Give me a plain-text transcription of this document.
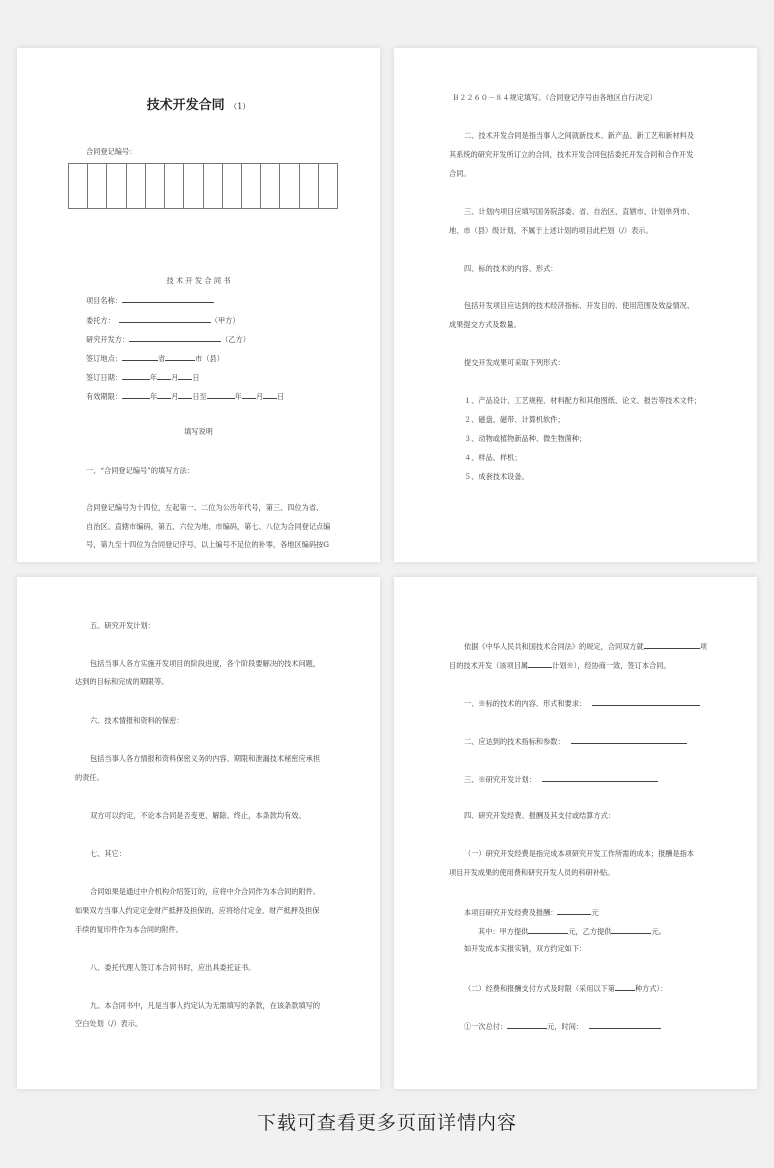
技术开发合同 （1）
合同登记编号：
技 术 开 发 合 同 书
项目名称：
委托方：	（甲方）
研究开发方：	（乙方）
签订地点：	省	市（县）
签订日期：	年 月 日
有效期限：	年 月 日至	年 月 日
填写说明
一、“合同登记编号”的填写方法：
合同登记编号为十四位，左起第一、二位为公历年代号，第三、四位为省、
自治区、直辖市编码，第五、六位为地、市编码，第七、八位为合同登记点编
号，第九至十四位为合同登记序号，以上编号不足位的补零，各地区编码按G
Ｂ２２６０－８４规定填写。（合同登记序号由各地区自行决定）
二、技术开发合同是指当事人之间就新技术、新产品、新工艺和新材料及
其系统的研究开发所订立的合同，技术开发合同包括委托开发合同和合作开发
合同。
三、计划内项目应填写国务院部委、省、自治区、直辖市、计划单列市、
地、市（县）级计划，不属于上述计划的项目此栏划（/）表示。
四、标的技术的内容、形式：
包括开发项目应达到的技术经济指标、开发目的、使用范围及效益情况、
成果提交方式及数量。
提交开发成果可采取下列形式：
１、产品设计、工艺规程、材料配方和其他图纸、论文、报告等技术文件；
２、磁盘、磁带、计算机软件；
３、动物或植物新品种、微生物菌种；
４、样品、样机；
５、成套技术设备。
五、研究开发计划：
包括当事人各方实施开发项目的阶段进度，各个阶段要解决的技术问题，
达到的目标和完成的期限等。
六、技术情报和资料的保密：
包括当事人各方情报和资料保密义务的内容、期限和泄漏技术秘密应承担
的责任。
双方可以约定，不论本合同是否变更、解除、终止，本条款均有效。
七、其它：
合同如果是通过中介机构介绍签订的，应将中介合同作为本合同的附件。
如果双方当事人约定定金财产抵押及担保的，应将给付定金、财产抵押及担保
手续的复印件作为本合同的附件。
八、委托代理人签订本合同书时，应出具委托证书。
九、本合同书中，凡是当事人约定认为无需填写的条款，在该条款填写的
空白处划（/）表示。
依据《中华人民共和国技术合同法》的规定，合同双方就	项
目的技术开发（该项目属	计划※），经协商一致，签订本合同。
一、※标的技术的内容、形式和要求：
二、应达到的技术指标和参数：
三、※研究开发计划：
四、研究开发经费、报酬及其支付或结算方式：
（一）研究开发经费是指完成本项研究开发工作所需的成本；报酬是指本
项目开发成果的使用费和研究开发人员的科研补贴。
本项目研究开发经费及报酬：	元
其中：甲方提供	元，乙方提供	元。
如开发成本实报实销，双方约定如下：
（二）经费和报酬支付方式及时限（采用以下第	种方式）：
①一次总付：	元，时间：
下载可查看更多页面详情内容
